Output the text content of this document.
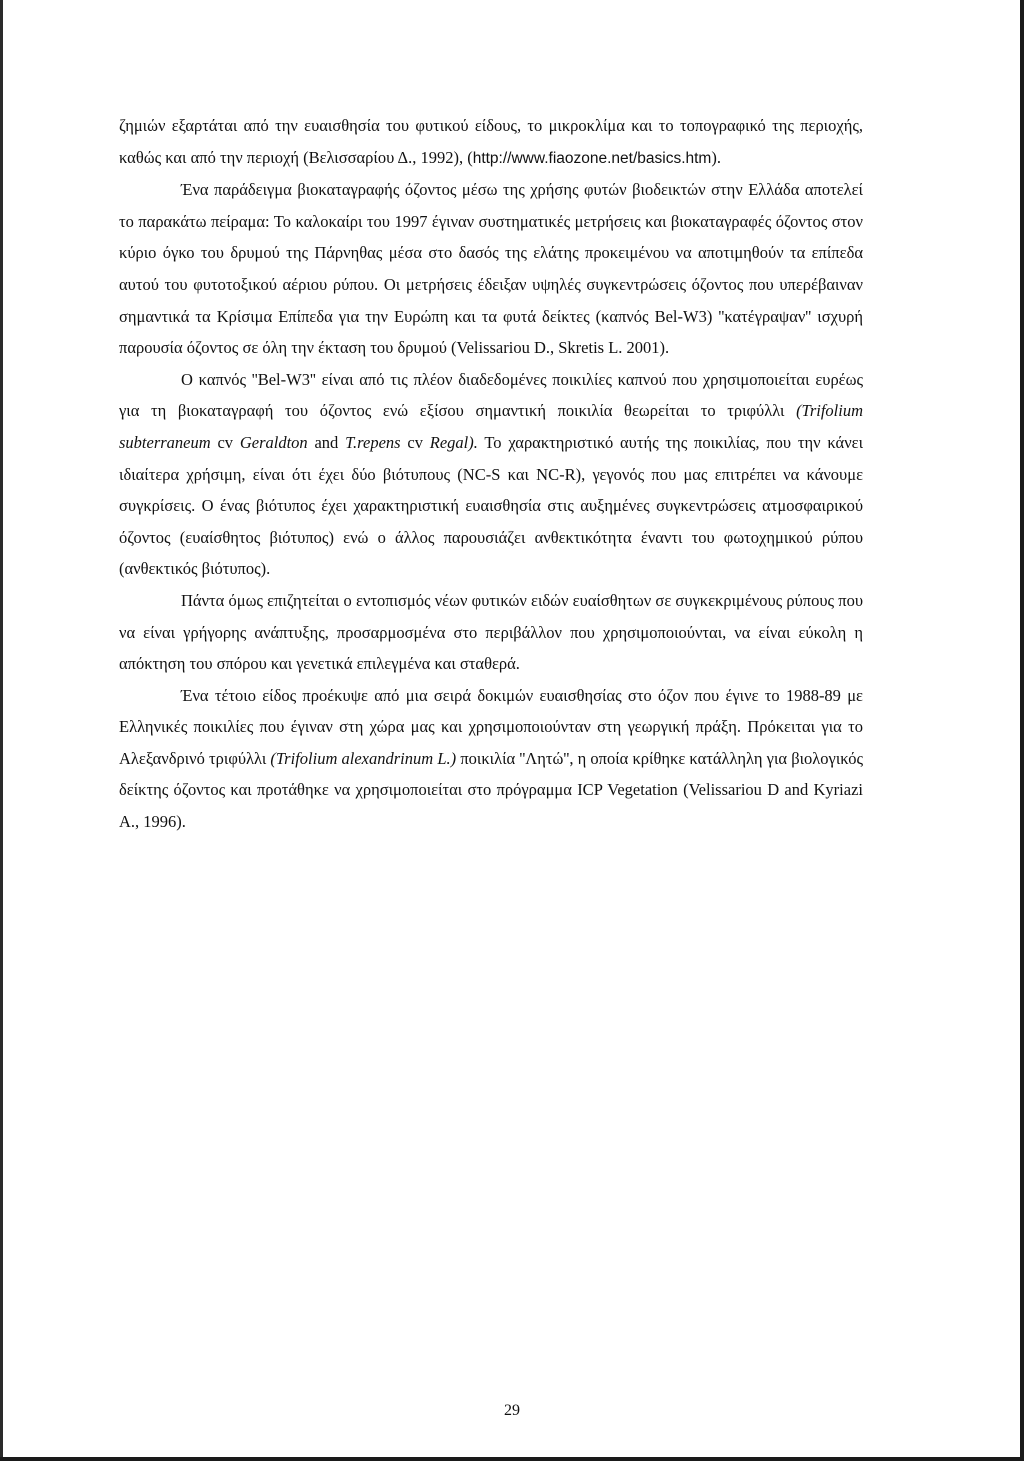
ζημιών εξαρτάται από την ευαισθησία του φυτικού είδους, το μικροκλίμα και το τοπογραφικό της περιοχής, καθώς και από την περιοχή (Βελισσαρίου Δ., 1992), (http://www.fiaozone.net/basics.htm).

Ένα παράδειγμα βιοκαταγραφής όζοντος μέσω της χρήσης φυτών βιοδεικτών στην Ελλάδα αποτελεί το παρακάτω πείραμα: Το καλοκαίρι του 1997 έγιναν συστηματικές μετρήσεις και βιοκαταγραφές όζοντος στον κύριο όγκο του δρυμού της Πάρνηθας μέσα στο δασός της ελάτης προκειμένου να αποτιμηθούν τα επίπεδα αυτού του φυτοτοξικού αέριου ρύπου. Οι μετρήσεις έδειξαν υψηλές συγκεντρώσεις όζοντος που υπερέβαιναν σημαντικά τα Κρίσιμα Επίπεδα για την Ευρώπη και τα φυτά δείκτες (καπνός Bel-W3) ''κατέγραψαν'' ισχυρή παρουσία όζοντος σε όλη την έκταση του δρυμού (Velissariou D., Skretis L. 2001).

Ο καπνός ''Bel-W3'' είναι από τις πλέον διαδεδομένες ποικιλίες καπνού που χρησιμοποιείται ευρέως για τη βιοκαταγραφή του όζοντος ενώ εξίσου σημαντική ποικιλία θεωρείται το τριφύλλι (Trifolium subterraneum cv Geraldton and T.repens cv Regal). Το χαρακτηριστικό αυτής της ποικιλίας, που την κάνει ιδιαίτερα χρήσιμη, είναι ότι έχει δύο βιότυπους (NC-S και NC-R), γεγονός που μας επιτρέπει να κάνουμε συγκρίσεις. Ο ένας βιότυπος έχει χαρακτηριστική ευαισθησία στις αυξημένες συγκεντρώσεις ατμοσφαιρικού όζοντος (ευαίσθητος βιότυπος) ενώ ο άλλος παρουσιάζει ανθεκτικότητα έναντι του φωτοχημικού ρύπου (ανθεκτικός βιότυπος).

Πάντα όμως επιζητείται ο εντοπισμός νέων φυτικών ειδών ευαίσθητων σε συγκεκριμένους ρύπους που να είναι γρήγορης ανάπτυξης, προσαρμοσμένα στο περιβάλλον που χρησιμοποιούνται, να είναι εύκολη η απόκτηση του σπόρου και γενετικά επιλεγμένα και σταθερά.

Ένα τέτοιο είδος προέκυψε από μια σειρά δοκιμών ευαισθησίας στο όζον που έγινε το 1988-89 με Ελληνικές ποικιλίες που έγιναν στη χώρα μας και χρησιμοποιούνταν στη γεωργική πράξη. Πρόκειται για το Αλεξανδρινό τριφύλλι (Trifolium alexandrinum L.) ποικιλία ''Λητώ'', η οποία κρίθηκε κατάλληλη για βιολογικός δείκτης όζοντος και προτάθηκε να χρησιμοποιείται στο πρόγραμμα ICP Vegetation (Velissariou D and Kyriazi A., 1996).

29
